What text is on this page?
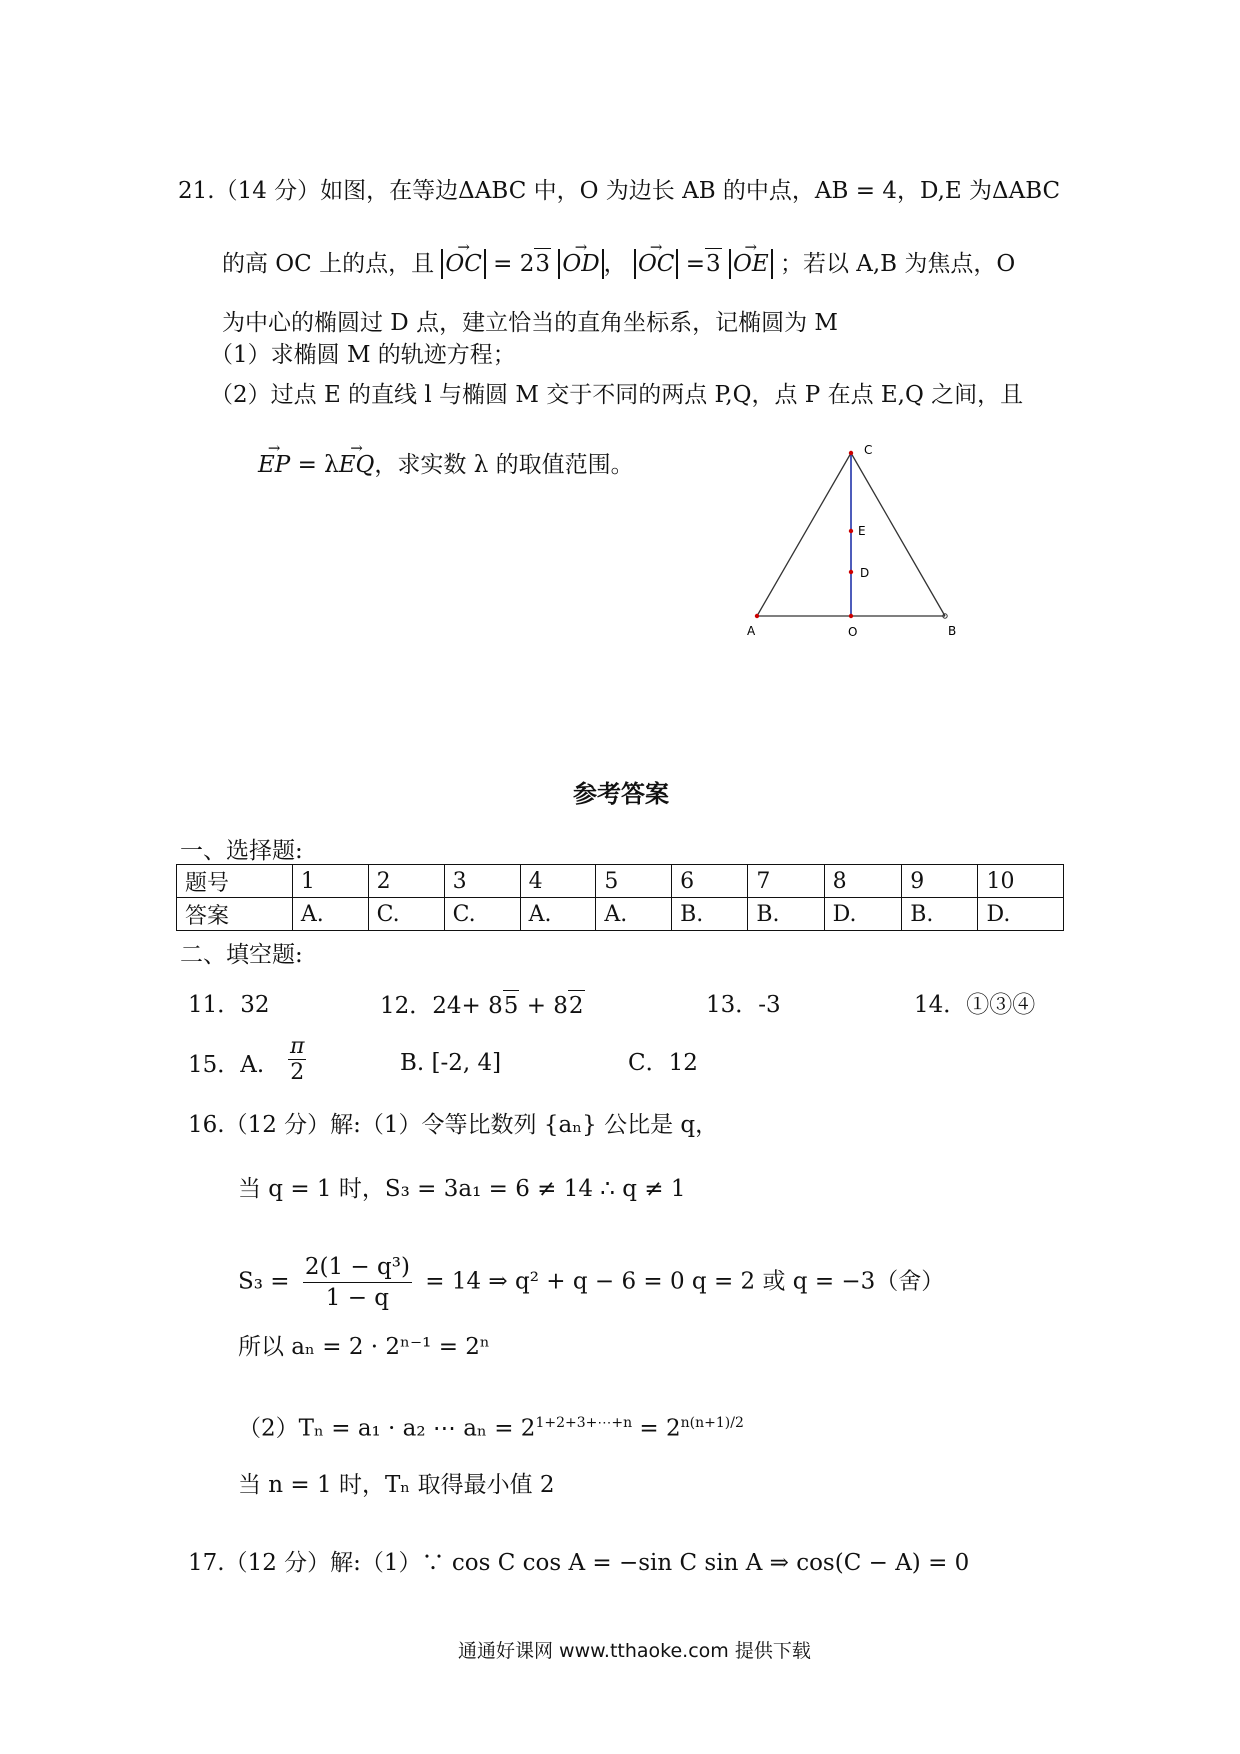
21.（14 分）如图，在等边ΔABC 中，O 为边长 AB 的中点，AB = 4，D,E 为ΔABC
的高 OC 上的点，且 → OC = 23 → OD ， → OC =3 → OE ；若以 A,B 为焦点，O
为中心的椭圆过 D 点，建立恰当的直角坐标系，记椭圆为 M
（1）求椭圆 M 的轨迹方程；
（2）过点 E 的直线 l 与椭圆 M 交于不同的两点 P,Q，点 P 在点 E,Q 之间，且
→ EP = λ→ EQ，求实数 λ 的取值范围。
C
E
D
A	O	B
参考答案
一、选择题:
题号	1	2	3	4	5	6	7	8	9	10
答案	A.	C.	C.	A.	A.	B.	B.	D.	B.	D.
二、填空题:
11．32	12．24+ 85 + 82	13．-3	14．①③④
15．A. $\frac{\pi}{2}$	B. [-2, 4]	C．12
16.（12 分）解:（1）令等比数列 {aₙ} 公比是 q，
当 q = 1 时，S₃ = 3a₁ = 6 ≠ 14 ∴ q ≠ 1
$S_3 = \frac{\text{2(1 − q³)}}{1 - q} = 14$ ⇒ q² + q − 6 = 0 q = 2 或 q = −3（舍）
所以 aₙ = 2 · 2ⁿ⁻¹ = 2ⁿ
（2）Tₙ = a₁ · a₂ ⋯ $a_n = 2^{1+2+3+\cdots+n} = 2^{n(n+1)/2}$
当 n = 1 时，Tₙ 取得最小值 2
17.（12 分）解:（1）∵ cos C cos A = −sin C sin A ⇒ cos(C − A) = 0
通通好课网 www.tthaoke.com 提供下载
